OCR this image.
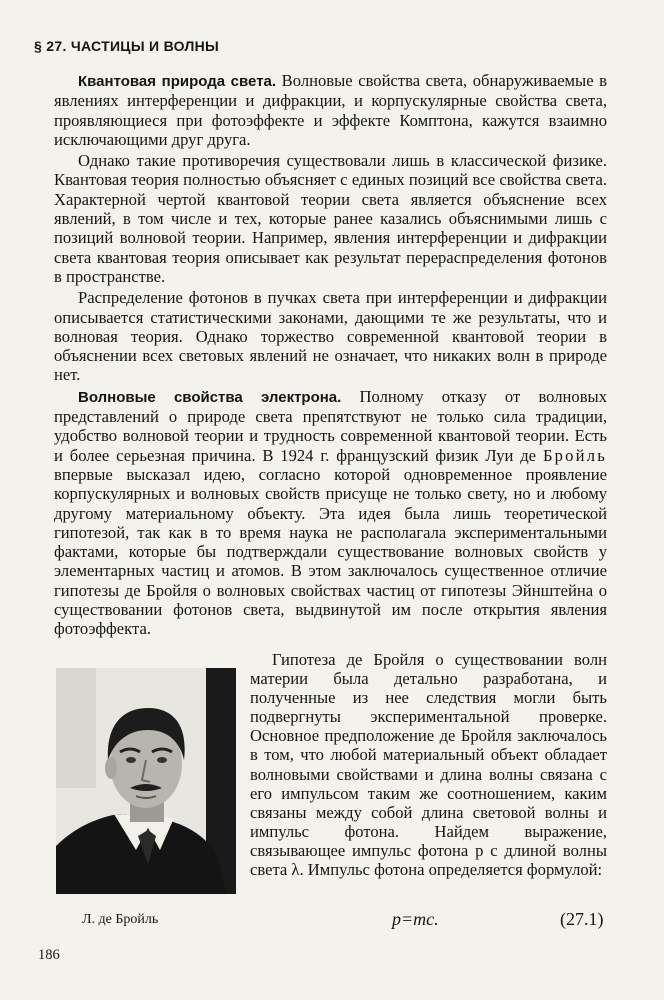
§ 27. ЧАСТИЦЫ И ВОЛНЫ

Квантовая природа света. Волновые свойства света, обнаруживаемые в явлениях интерференции и дифракции, и корпускулярные свойства света, проявляющиеся при фотоэффекте и эффекте Комптона, кажутся взаимно исключающими друг друга.

Однако такие противоречия существовали лишь в классической физике. Квантовая теория полностью объясняет с единых позиций все свойства света. Характерной чертой квантовой теории света является объяснение всех явлений, в том числе и тех, которые ранее казались объяснимыми лишь с позиций волновой теории. Например, явления интерференции и дифракции света квантовая теория описывает как результат перераспределения фотонов в пространстве.

Распределение фотонов в пучках света при интерференции и дифракции описывается статистическими законами, дающими те же результаты, что и волновая теория. Однако торжество современной квантовой теории в объяснении всех световых явлений не означает, что никаких волн в природе нет.

Волновые свойства электрона. Полному отказу от волновых представлений о природе света препятствуют не только сила традиции, удобство волновой теории и трудность современной квантовой теории. Есть и более серьезная причина. В 1924 г. французский физик Луи де Бройль впервые высказал идею, согласно которой одновременное проявление корпускулярных и волновых свойств присуще не только свету, но и любому другому материальному объекту. Эта идея была лишь теоретической гипотезой, так как в то время наука не располагала экспериментальными фактами, которые бы подтверждали существование волновых свойств у элементарных частиц и атомов. В этом заключалось существенное отличие гипотезы де Бройля о волновых свойствах частиц от гипотезы Эйнштейна о существовании фотонов света, выдвинутой им после открытия явления фотоэффекта.

Гипотеза де Бройля о существовании волн материи была детально разработана, и полученные из нее следствия могли быть подвергнуты экспериментальной проверке. Основное предположение де Бройля заключалось в том, что любой материальный объект обладает волновыми свойствами и длина волны связана с его импульсом таким же соотношением, каким связаны между собой длина световой волны и импульс фотона. Найдем выражение, связывающее импульс фотона p с длиной волны света λ. Импульс фотона определяется формулой:

Л. де Бройль	p=mc.	(27.1)
186
